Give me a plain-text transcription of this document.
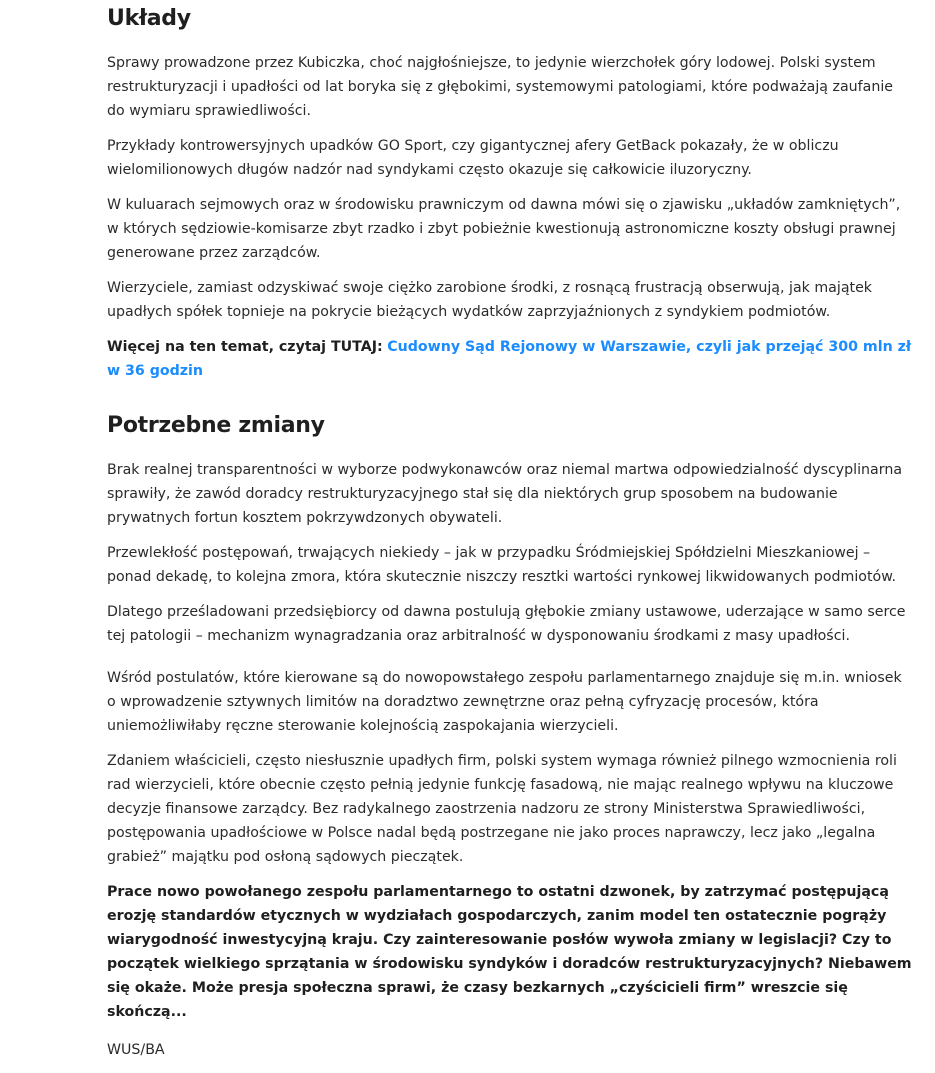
Układy

Sprawy prowadzone przez Kubiczka, choć najgłośniejsze, to jedynie wierzchołek góry lodowej. Polski system restrukturyzacji i upadłości od lat boryka się z głębokimi, systemowymi patologiami, które podważają zaufanie do wymiaru sprawiedliwości.

Przykłady kontrowersyjnych upadków GO Sport, czy gigantycznej afery GetBack pokazały, że w obliczu wielomilionowych długów nadzór nad syndykami często okazuje się całkowicie iluzoryczny.

W kuluarach sejmowych oraz w środowisku prawniczym od dawna mówi się o zjawisku „układów zamkniętych”, w których sędziowie-komisarze zbyt rzadko i zbyt pobieżnie kwestionują astronomiczne koszty obsługi prawnej generowane przez zarządców.

Wierzyciele, zamiast odzyskiwać swoje ciężko zarobione środki, z rosnącą frustracją obserwują, jak majątek upadłych spółek topnieje na pokrycie bieżących wydatków zaprzyjaźnionych z syndykiem podmiotów.

Więcej na ten temat, czytaj TUTAJ: Cudowny Sąd Rejonowy w Warszawie, czyli jak przejąć 300 mln zł w 36 godzin

Potrzebne zmiany

Brak realnej transparentności w wyborze podwykonawców oraz niemal martwa odpowiedzialność dyscyplinarna sprawiły, że zawód doradcy restrukturyzacyjnego stał się dla niektórych grup sposobem na budowanie prywatnych fortun kosztem pokrzywdzonych obywateli.

Przewlekłość postępowań, trwających niekiedy – jak w przypadku Śródmiejskiej Spółdzielni Mieszkaniowej – ponad dekadę, to kolejna zmora, która skutecznie niszczy resztki wartości rynkowej likwidowanych podmiotów.

Dlatego prześladowani przedsiębiorcy od dawna postulują głębokie zmiany ustawowe, uderzające w samo serce tej patologii – mechanizm wynagradzania oraz arbitralność w dysponowaniu środkami z masy upadłości.

Wśród postulatów, które kierowane są do nowopowstałego zespołu parlamentarnego znajduje się m.in. wniosek o wprowadzenie sztywnych limitów na doradztwo zewnętrzne oraz pełną cyfryzację procesów, która uniemożliwiłaby ręczne sterowanie kolejnością zaspokajania wierzycieli.

Zdaniem właścicieli, często niesłusznie upadłych firm, polski system wymaga również pilnego wzmocnienia roli rad wierzycieli, które obecnie często pełnią jedynie funkcję fasadową, nie mając realnego wpływu na kluczowe decyzje finansowe zarządcy. Bez radykalnego zaostrzenia nadzoru ze strony Ministerstwa Sprawiedliwości, postępowania upadłościowe w Polsce nadal będą postrzegane nie jako proces naprawczy, lecz jako „legalna grabież” majątku pod osłoną sądowych pieczątek.

Prace nowo powołanego zespołu parlamentarnego to ostatni dzwonek, by zatrzymać postępującą erozję standardów etycznych w wydziałach gospodarczych, zanim model ten ostatecznie pogrąży wiarygodność inwestycyjną kraju. Czy zainteresowanie posłów wywoła zmiany w legislacji? Czy to początek wielkiego sprzątania w środowisku syndyków i doradców restrukturyzacyjnych? Niebawem się okaże. Może presja społeczna sprawi, że czasy bezkarnych „czyścicieli firm” wreszcie się skończą...

WUS/BA
